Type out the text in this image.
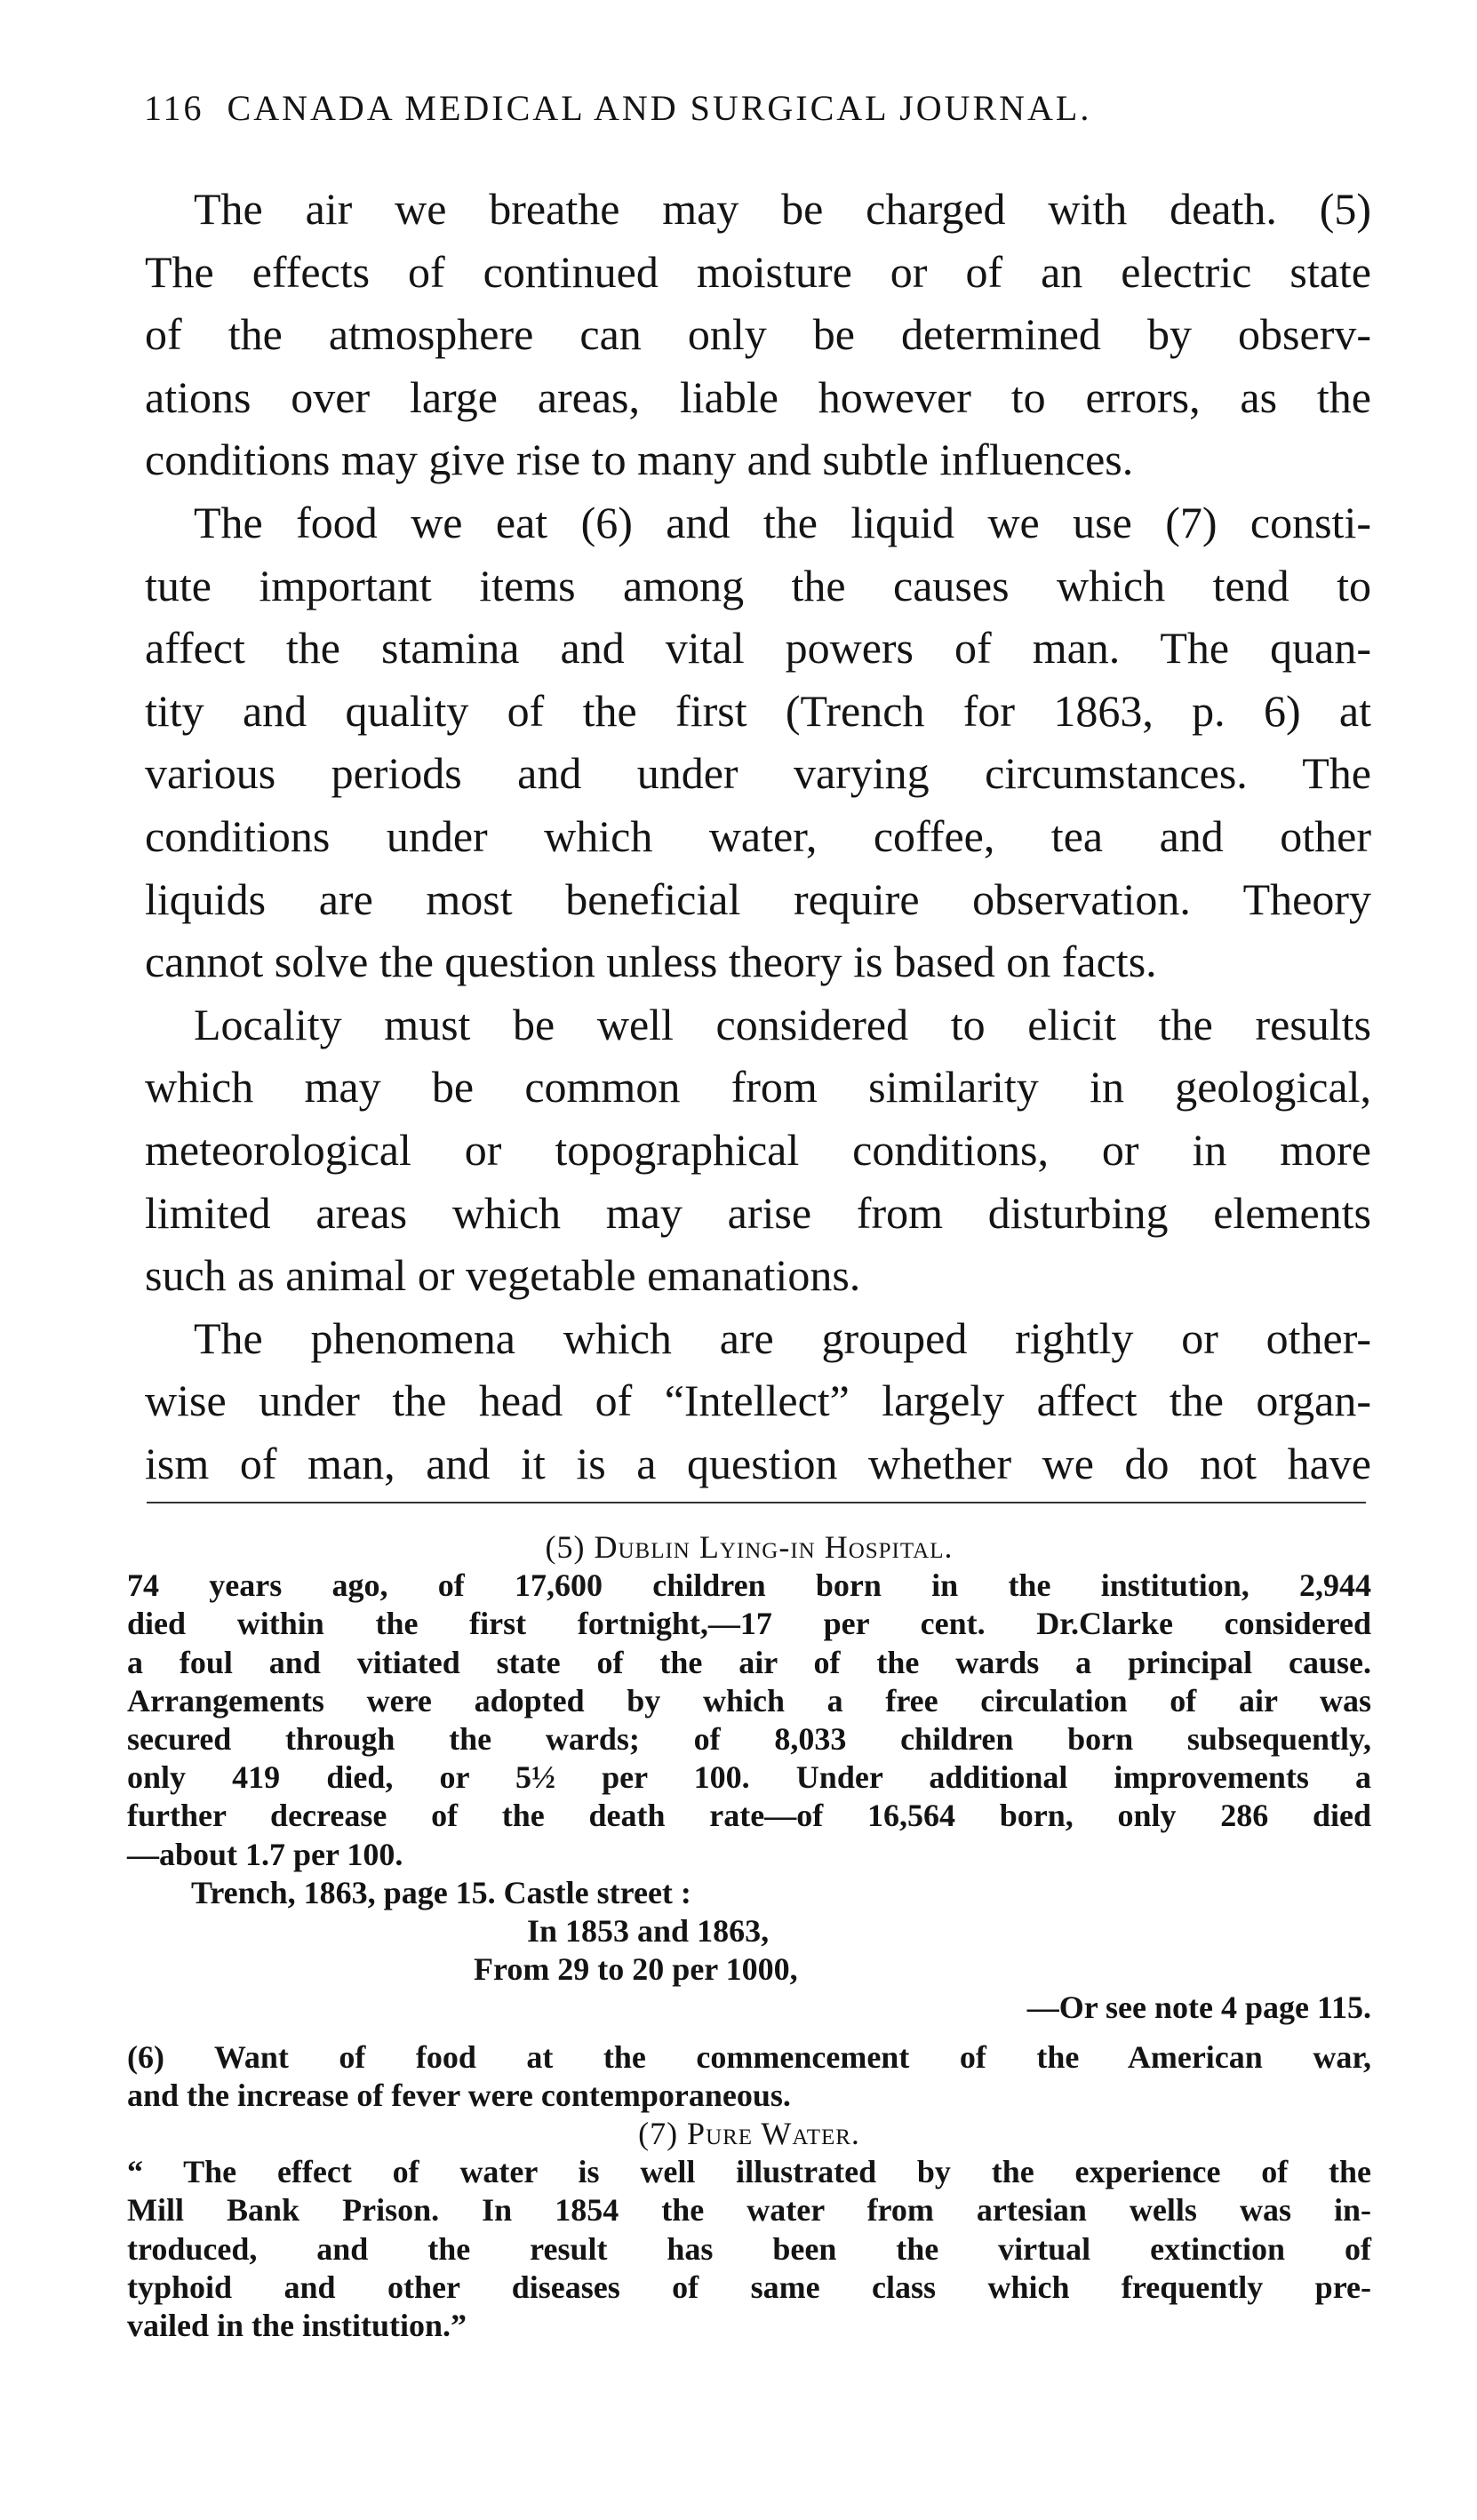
116 CANADA MEDICAL AND SURGICAL JOURNAL.

The air we breathe may be charged with death. (5)
The effects of continued moisture or of an electric state
of the atmosphere can only be determined by observ-
ations over large areas, liable however to errors, as the
conditions may give rise to many and subtle influences.

The food we eat (6) and the liquid we use (7) consti-
tute important items among the causes which tend to
affect the stamina and vital powers of man. The quan-
tity and quality of the first (Trench for 1863, p. 6) at
various periods and under varying circumstances. The
conditions under which water, coffee, tea and other
liquids are most beneficial require observation. Theory
cannot solve the question unless theory is based on facts.

Locality must be well considered to elicit the results
which may be common from similarity in geological,
meteorological or topographical conditions, or in more
limited areas which may arise from disturbing elements
such as animal or vegetable emanations.

The phenomena which are grouped rightly or other-
wise under the head of “Intellect” largely affect the organ-
ism of man, and it is a question whether we do not have

(5) Dublin Lying-in Hospital.
74 years ago, of 17,600 children born in the institution, 2,944
died within the first fortnight,—17 per cent. Dr.Clarke considered
a foul and vitiated state of the air of the wards a principal cause.
Arrangements were adopted by which a free circulation of air was
secured through the wards; of 8,033 children born subsequently,
only 419 died, or 5½ per 100. Under additional improvements a
further decrease of the death rate—of 16,564 born, only 286 died
—about 1.7 per 100.
Trench, 1863, page 15. Castle street :
In 1853 and 1863,
From 29 to 20 per 1000,
—Or see note 4 page 115.
(6) Want of food at the commencement of the American war,
and the increase of fever were contemporaneous.
(7) Pure Water.
“ The effect of water is well illustrated by the experience of the
Mill Bank Prison. In 1854 the water from artesian wells was in-
troduced, and the result has been the virtual extinction of
typhoid and other diseases of same class which frequently pre-
vailed in the institution.”
